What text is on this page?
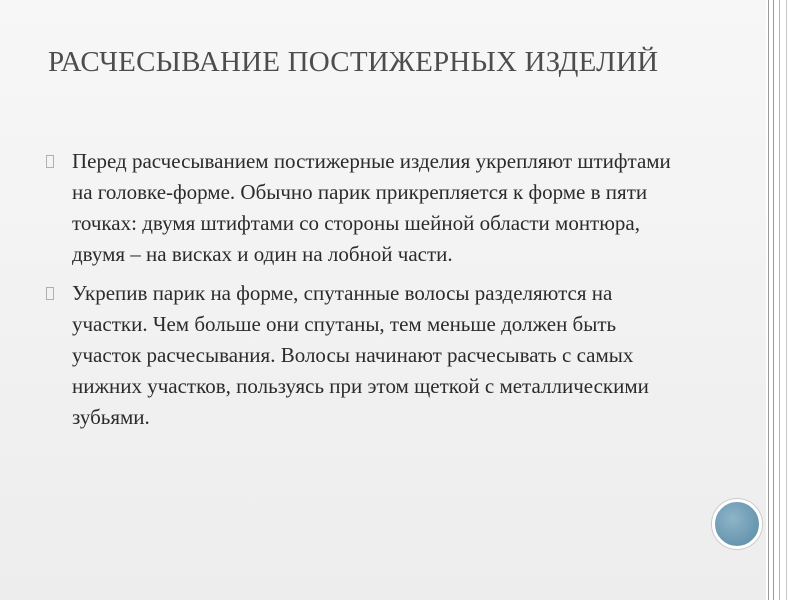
РАСЧЕСЫВАНИЕ ПОСТИЖЕРНЫХ ИЗДЕЛИЙ
Перед расчесыванием постижерные изделия укрепляют штифтами на головке-форме. Обычно парик прикрепляется к форме в пяти точках: двумя штифтами со стороны шейной области монтюра, двумя – на висках и один на лобной части.
Укрепив парик на форме, спутанные волосы разделяются на участки. Чем больше они спутаны, тем меньше должен быть участок расчесывания. Волосы начинают расчесывать с самых нижних участков, пользуясь при этом щеткой с металлическими зубьями.
